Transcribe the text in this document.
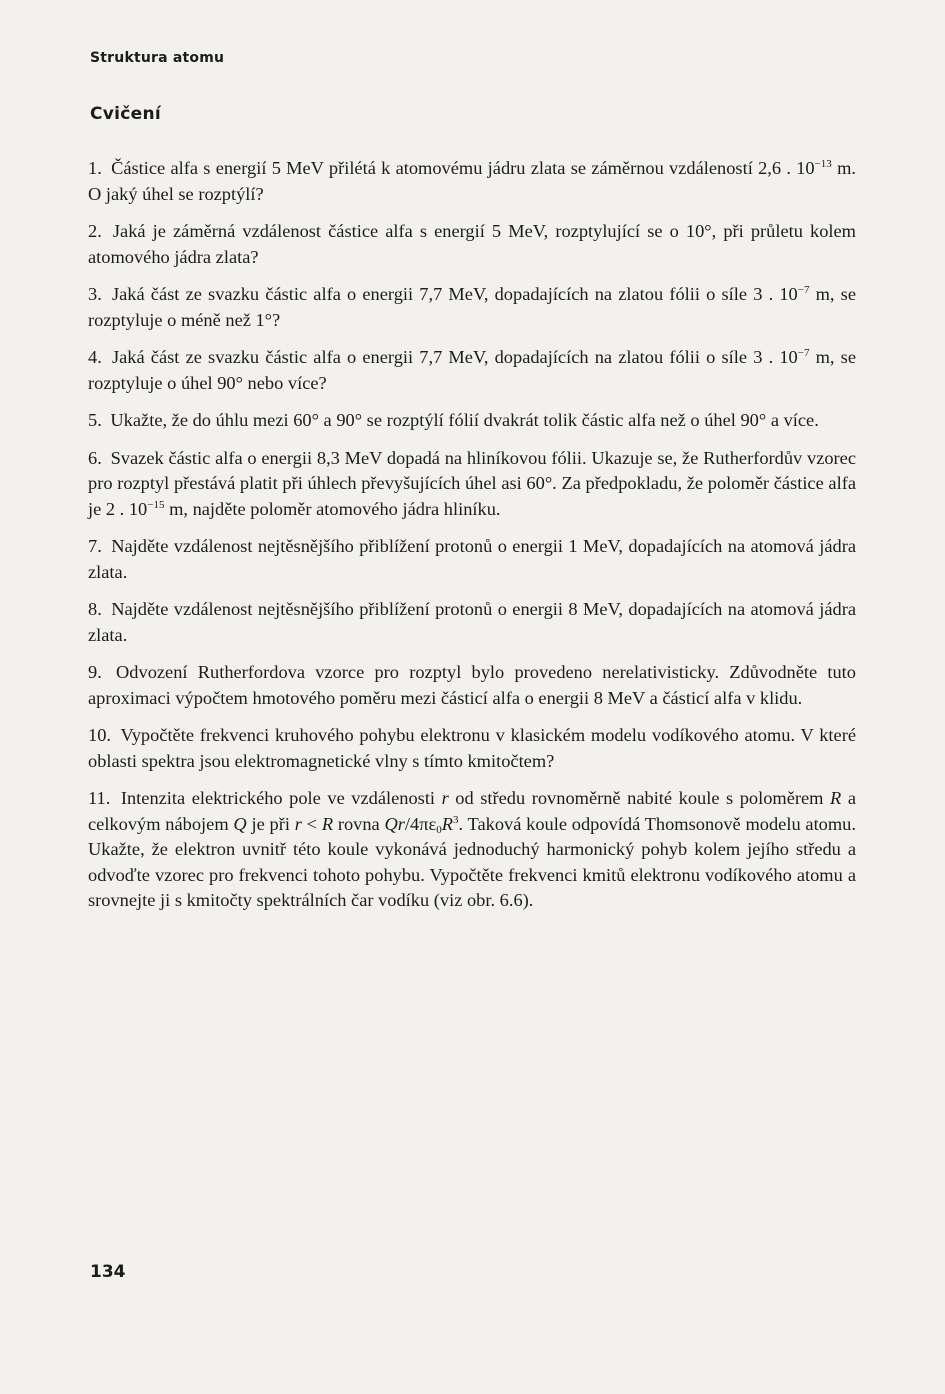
Struktura atomu
Cvičení
1. Částice alfa s energií 5 MeV přilétá k atomovému jádru zlata se záměrnou vzdáleností 2,6 . $10^{-13}$ m. O jaký úhel se rozptýlí?
2. Jaká je záměrná vzdálenost částice alfa s energií 5 MeV, rozptylující se o 10°, při průletu kolem atomového jádra zlata?
3. Jaká část ze svazku částic alfa o energii 7,7 MeV, dopadajících na zlatou fólii o síle 3 . $10^{-7}$ m, se rozptyluje o méně než 1°?
4. Jaká část ze svazku částic alfa o energii 7,7 MeV, dopadajících na zlatou fólii o síle 3 . $10^{-7}$ m, se rozptyluje o úhel 90° nebo více?
5. Ukažte, že do úhlu mezi 60° a 90° se rozptýlí fólií dvakrát tolik částic alfa než o úhel 90° a více.
6. Svazek částic alfa o energii 8,3 MeV dopadá na hliníkovou fólii. Ukazuje se, že Rutherfordův vzorec pro rozptyl přestává platit při úhlech převyšujících úhel asi 60°. Za předpokladu, že poloměr částice alfa je 2 . $10^{-15}$ m, najděte poloměr atomového jádra hliníku.
7. Najděte vzdálenost nejtěsnějšího přiblížení protonů o energii 1 MeV, dopadajících na atomová jádra zlata.
8. Najděte vzdálenost nejtěsnějšího přiblížení protonů o energii 8 MeV, dopadajících na atomová jádra zlata.
9. Odvození Rutherfordova vzorce pro rozptyl bylo provedeno nerelativisticky. Zdůvodněte tuto aproximaci výpočtem hmotového poměru mezi částicí alfa o energii 8 MeV a částicí alfa v klidu.
10. Vypočtěte frekvenci kruhového pohybu elektronu v klasickém modelu vodíkového atomu. V které oblasti spektra jsou elektromagnetické vlny s tímto kmitočtem?
11. Intenzita elektrického pole ve vzdálenosti r od středu rovnoměrně nabité koule s poloměrem R a celkovým nábojem Q je při r < R rovna $Qr/4\pi\varepsilon_0R^3$. Taková koule odpovídá Thomsonově modelu atomu. Ukažte, že elektron uvnitř této koule vykonává jednoduchý harmonický pohyb kolem jejího středu a odvoďte vzorec pro frekvenci tohoto pohybu. Vypočtěte frekvenci kmitů elektronu vodíkového atomu a srovnejte ji s kmitočty spektrálních čar vodíku (viz obr. 6.6).
134
